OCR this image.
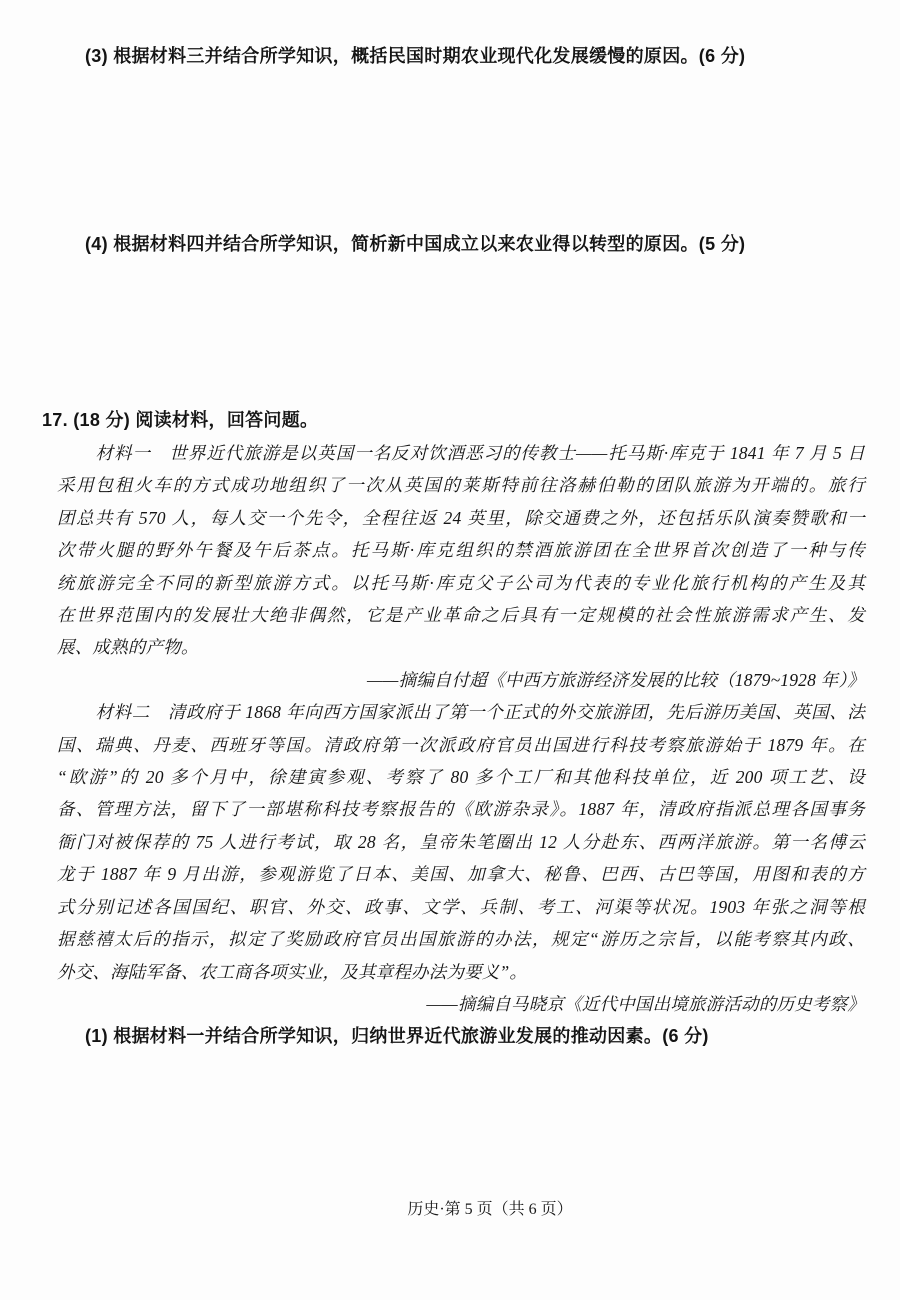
(3) 根据材料三并结合所学知识，概括民国时期农业现代化发展缓慢的原因。(6 分)
(4) 根据材料四并结合所学知识，简析新中国成立以来农业得以转型的原因。(5 分)
17. (18 分) 阅读材料，回答问题。
材料一　世界近代旅游是以英国一名反对饮酒恶习的传教士——托马斯·库克于 1841 年 7 月 5 日
采用包租火车的方式成功地组织了一次从英国的莱斯特前往洛赫伯勒的团队旅游为开端的。旅行
团总共有 570 人，每人交一个先令，全程往返 24 英里，除交通费之外，还包括乐队演奏赞歌和一
次带火腿的野外午餐及午后茶点。托马斯·库克组织的禁酒旅游团在全世界首次创造了一种与传
统旅游完全不同的新型旅游方式。以托马斯·库克父子公司为代表的专业化旅行机构的产生及其
在世界范围内的发展壮大绝非偶然，它是产业革命之后具有一定规模的社会性旅游需求产生、发
展、成熟的产物。
——摘编自付超《中西方旅游经济发展的比较（1879~1928 年）》
材料二　清政府于 1868 年向西方国家派出了第一个正式的外交旅游团，先后游历美国、英国、法
国、瑞典、丹麦、西班牙等国。清政府第一次派政府官员出国进行科技考察旅游始于 1879 年。在
“欧游”的 20 多个月中，徐建寅参观、考察了 80 多个工厂和其他科技单位，近 200 项工艺、设
备、管理方法，留下了一部堪称科技考察报告的《欧游杂录》。1887 年，清政府指派总理各国事务
衙门对被保荐的 75 人进行考试，取 28 名，皇帝朱笔圈出 12 人分赴东、西两洋旅游。第一名傅云
龙于 1887 年 9 月出游，参观游览了日本、美国、加拿大、秘鲁、巴西、古巴等国，用图和表的方
式分别记述各国国纪、职官、外交、政事、文学、兵制、考工、河渠等状况。1903 年张之洞等根
据慈禧太后的指示，拟定了奖励政府官员出国旅游的办法，规定“游历之宗旨，以能考察其内政、
外交、海陆军备、农工商各项实业，及其章程办法为要义”。
——摘编自马晓京《近代中国出境旅游活动的历史考察》
(1) 根据材料一并结合所学知识，归纳世界近代旅游业发展的推动因素。(6 分)
历史·第 5 页（共 6 页）
